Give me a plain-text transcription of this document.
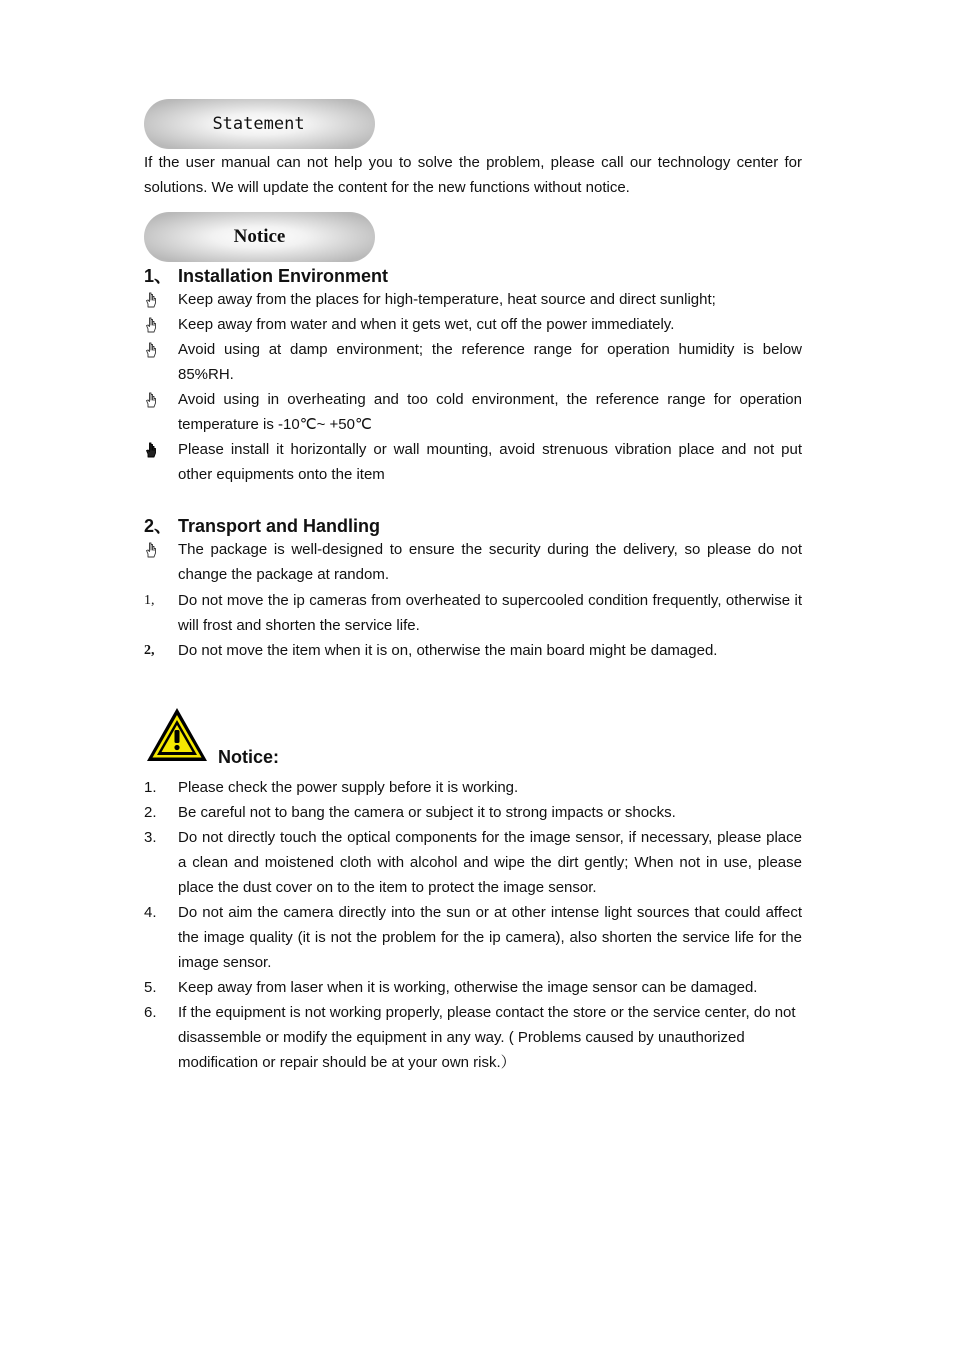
Statement
If the user manual can not help you to solve the problem, please call our technology center for solutions. We will update the content for the new functions without notice.
Notice
1、 Installation Environment
Keep away from the places for high-temperature, heat source and direct sunlight;
Keep away from water and when it gets wet, cut off the power immediately.
Avoid using at damp environment; the reference range for operation humidity is below 85%RH.
Avoid using in overheating and too cold environment, the reference range for operation temperature is -10℃~ +50℃
Please install it horizontally or wall mounting, avoid strenuous vibration place and not put other equipments onto the item
2、 Transport and Handling
The package is well-designed to ensure the security during the delivery, so please do not change the package at random.
1,	Do not move the ip cameras from overheated to supercooled condition frequently, otherwise it will frost and shorten the service life.
2,	Do not move the item when it is on, otherwise the main board might be damaged.
Notice:
1.	Please check the power supply before it is working.
2.	Be careful not to bang the camera or subject it to strong impacts or shocks.
3.	Do not directly touch the optical components for the image sensor, if necessary, please place a clean and moistened cloth with alcohol and wipe the dirt gently; When not in use, please place the dust cover on to the item to protect the image sensor.
4.	Do not aim the camera directly into the sun or at other intense light sources that could affect the image quality (it is not the problem for the ip camera), also shorten the service life for the image sensor.
5.	Keep away from laser when it is working, otherwise the image sensor can be damaged.
6.	If the equipment is not working properly, please contact the store or the service center, do not disassemble or modify the equipment in any way. ( Problems caused by unauthorized modification or repair should be at your own risk.）
